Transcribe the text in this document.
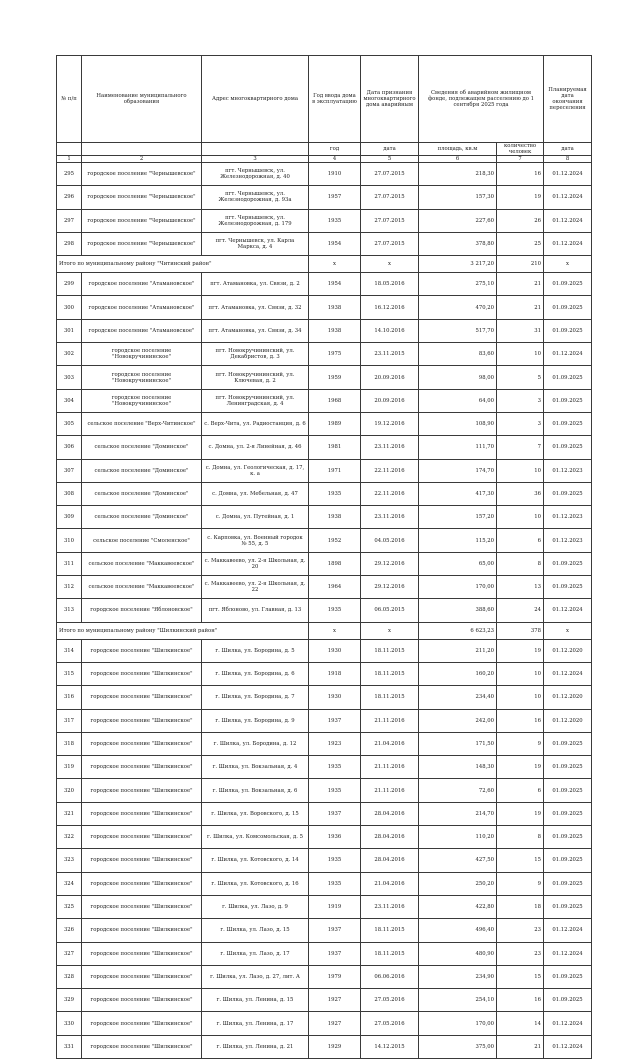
№ п/п	Наименование муниципального образования	Адрес многоквартирного дома	Год ввода дома в эксплуатацию	Дата признания многоквартирного дома аварийным	Сведения об аварийном жилищном фонде, подлежащем расселению до 1 сентября 2025 года		Планируемая дата окончания переселения
			год	дата	площадь, кв.м	количество человек	дата
1	2	3	4	5	6	7	8
295	городское поселение "Чернышевское"	пгт. Чернышевск, ул. Железнодорожная, д. 40	1910	27.07.2015	218,30	16	01.12.2024
296	городское поселение "Чернышевское"	пгт. Чернышевск, ул. Железнодорожная, д. 93а	1957	27.07.2015	157,30	19	01.12.2024
297	городское поселение "Чернышевское"	пгт. Чернышевск, ул. Железнодорожная, д. 179	1935	27.07.2015	227,60	26	01.12.2024
298	городское поселение "Чернышевское"	пгт. Чернышевск, ул. Карла Маркса, д. 4	1954	27.07.2015	378,80	25	01.12.2024
Итого по муниципальному району "Читинский район"			x	x	3 217,20	210	x
299	городское поселение "Атамановское"	пгт. Атамановка, ул. Связи, д. 2	1954	18.05.2016	275,10	21	01.09.2025
300	городское поселение "Атамановское"	пгт. Атамановка, ул. Связи, д. 32	1938	16.12.2016	470,20	21	01.09.2025
301	городское поселение "Атамановское"	пгт. Атамановка, ул. Связи, д. 34	1938	14.10.2016	517,70	31	01.09.2025
302	городское поселение "Новокручининское"	пгт. Новокручининский, ул. Декабристов, д. 3	1975	23.11.2015	83,60	10	01.12.2024
303	городское поселение "Новокручининское"	пгт. Новокручининский, ул. Ключевая, д. 2	1959	20.09.2016	98,00	5	01.09.2025
304	городское поселение "Новокручининское"	пгт. Новокручининский, ул. Ленинградская, д. 4	1968	20.09.2016	64,00	3	01.09.2025
305	сельское поселение "Верх-Читинское"	с. Верх-Чита, ул. Радиостанция, д. 6	1989	19.12.2016	108,90	3	01.09.2025
306	сельское поселение "Доминское"	с. Домна, ул. 2-я Линейная, д. 46	1981	23.11.2016	111,70	7	01.09.2025
307	сельское поселение "Доминское"	с. Домна, ул. Геологическая, д. 17, к. а	1971	22.11.2016	174,70	10	01.12.2023
308	сельское поселение "Доминское"	с. Домна, ул. Мебельная, д. 47	1935	22.11.2016	417,30	36	01.09.2025
309	сельское поселение "Доминское"	с. Домна, ул. Путейная, д. 1	1938	23.11.2016	157,20	10	01.12.2023
310	сельское поселение "Смоленское"	с. Карповка, ул. Военный городок № 55, д. 5	1952	04.05.2016	115,20	6	01.12.2023
311	сельское поселение "Маккавеевское"	с. Маккавеево, ул. 2-я Школьная, д. 20	1898	29.12.2016	65,00	8	01.09.2025
312	сельское поселение "Маккавеевское"	с. Маккавеево, ул. 2-я Школьная, д. 22	1964	29.12.2016	170,00	13	01.09.2025
313	городское поселение "Яблоновское"	пгт. Яблоново, ул. Главная, д. 13	1935	06.05.2015	388,60	24	01.12.2024
Итого по муниципальному району "Шилкинский район"			x	x	6 623,23	378	x
314	городское поселение "Шилкинское"	г. Шилка, ул. Бородина, д. 5	1930	18.11.2015	211,20	19	01.12.2020
315	городское поселение "Шилкинское"	г. Шилка, ул. Бородина, д. 6	1918	18.11.2015	160,20	10	01.12.2024
316	городское поселение "Шилкинское"	г. Шилка, ул. Бородина, д. 7	1930	18.11.2015	234,40	10	01.12.2020
317	городское поселение "Шилкинское"	г. Шилка, ул. Бородина, д. 9	1937	21.11.2016	242,00	16	01.12.2020
318	городское поселение "Шилкинское"	г. Шилка, ул. Бородина, д. 12	1923	21.04.2016	171,50	9	01.09.2025
319	городское поселение "Шилкинское"	г. Шилка, ул. Вокзальная, д. 4	1935	21.11.2016	148,30	19	01.09.2025
320	городское поселение "Шилкинское"	г. Шилка, ул. Вокзальная, д. 6	1935	21.11.2016	72,60	6	01.09.2025
321	городское поселение "Шилкинское"	г. Шилка, ул. Воровского, д. 15	1937	28.04.2016	214,70	19	01.09.2025
322	городское поселение "Шилкинское"	г. Шилка, ул. Комсомольская, д. 5	1936	28.04.2016	110,20	8	01.09.2025
323	городское поселение "Шилкинское"	г. Шилка, ул. Котовского, д. 14	1935	28.04.2016	427,50	15	01.09.2025
324	городское поселение "Шилкинское"	г. Шилка, ул. Котовского, д. 16	1935	21.04.2016	250,20	9	01.09.2025
325	городское поселение "Шилкинское"	г. Шилка, ул. Лазо, д. 9	1919	23.11.2016	422,80	18	01.09.2025
326	городское поселение "Шилкинское"	г. Шилка, ул. Лазо, д. 15	1937	18.11.2015	496,40	23	01.12.2024
327	городское поселение "Шилкинское"	г. Шилка, ул. Лазо, д. 17	1937	18.11.2015	480,90	23	01.12.2024
328	городское поселение "Шилкинское"	г. Шилка, ул. Лазо, д. 27, лит. А	1979	06.06.2016	234,90	15	01.09.2025
329	городское поселение "Шилкинское"	г. Шилка, ул. Ленина, д. 15	1927	27.05.2016	254,10	16	01.09.2025
330	городское поселение "Шилкинское"	г. Шилка, ул. Ленина, д. 17	1927	27.05.2016	170,00	14	01.12.2024
331	городское поселение "Шилкинское"	г. Шилка, ул. Ленина, д. 21	1929	14.12.2015	375,00	21	01.12.2024
